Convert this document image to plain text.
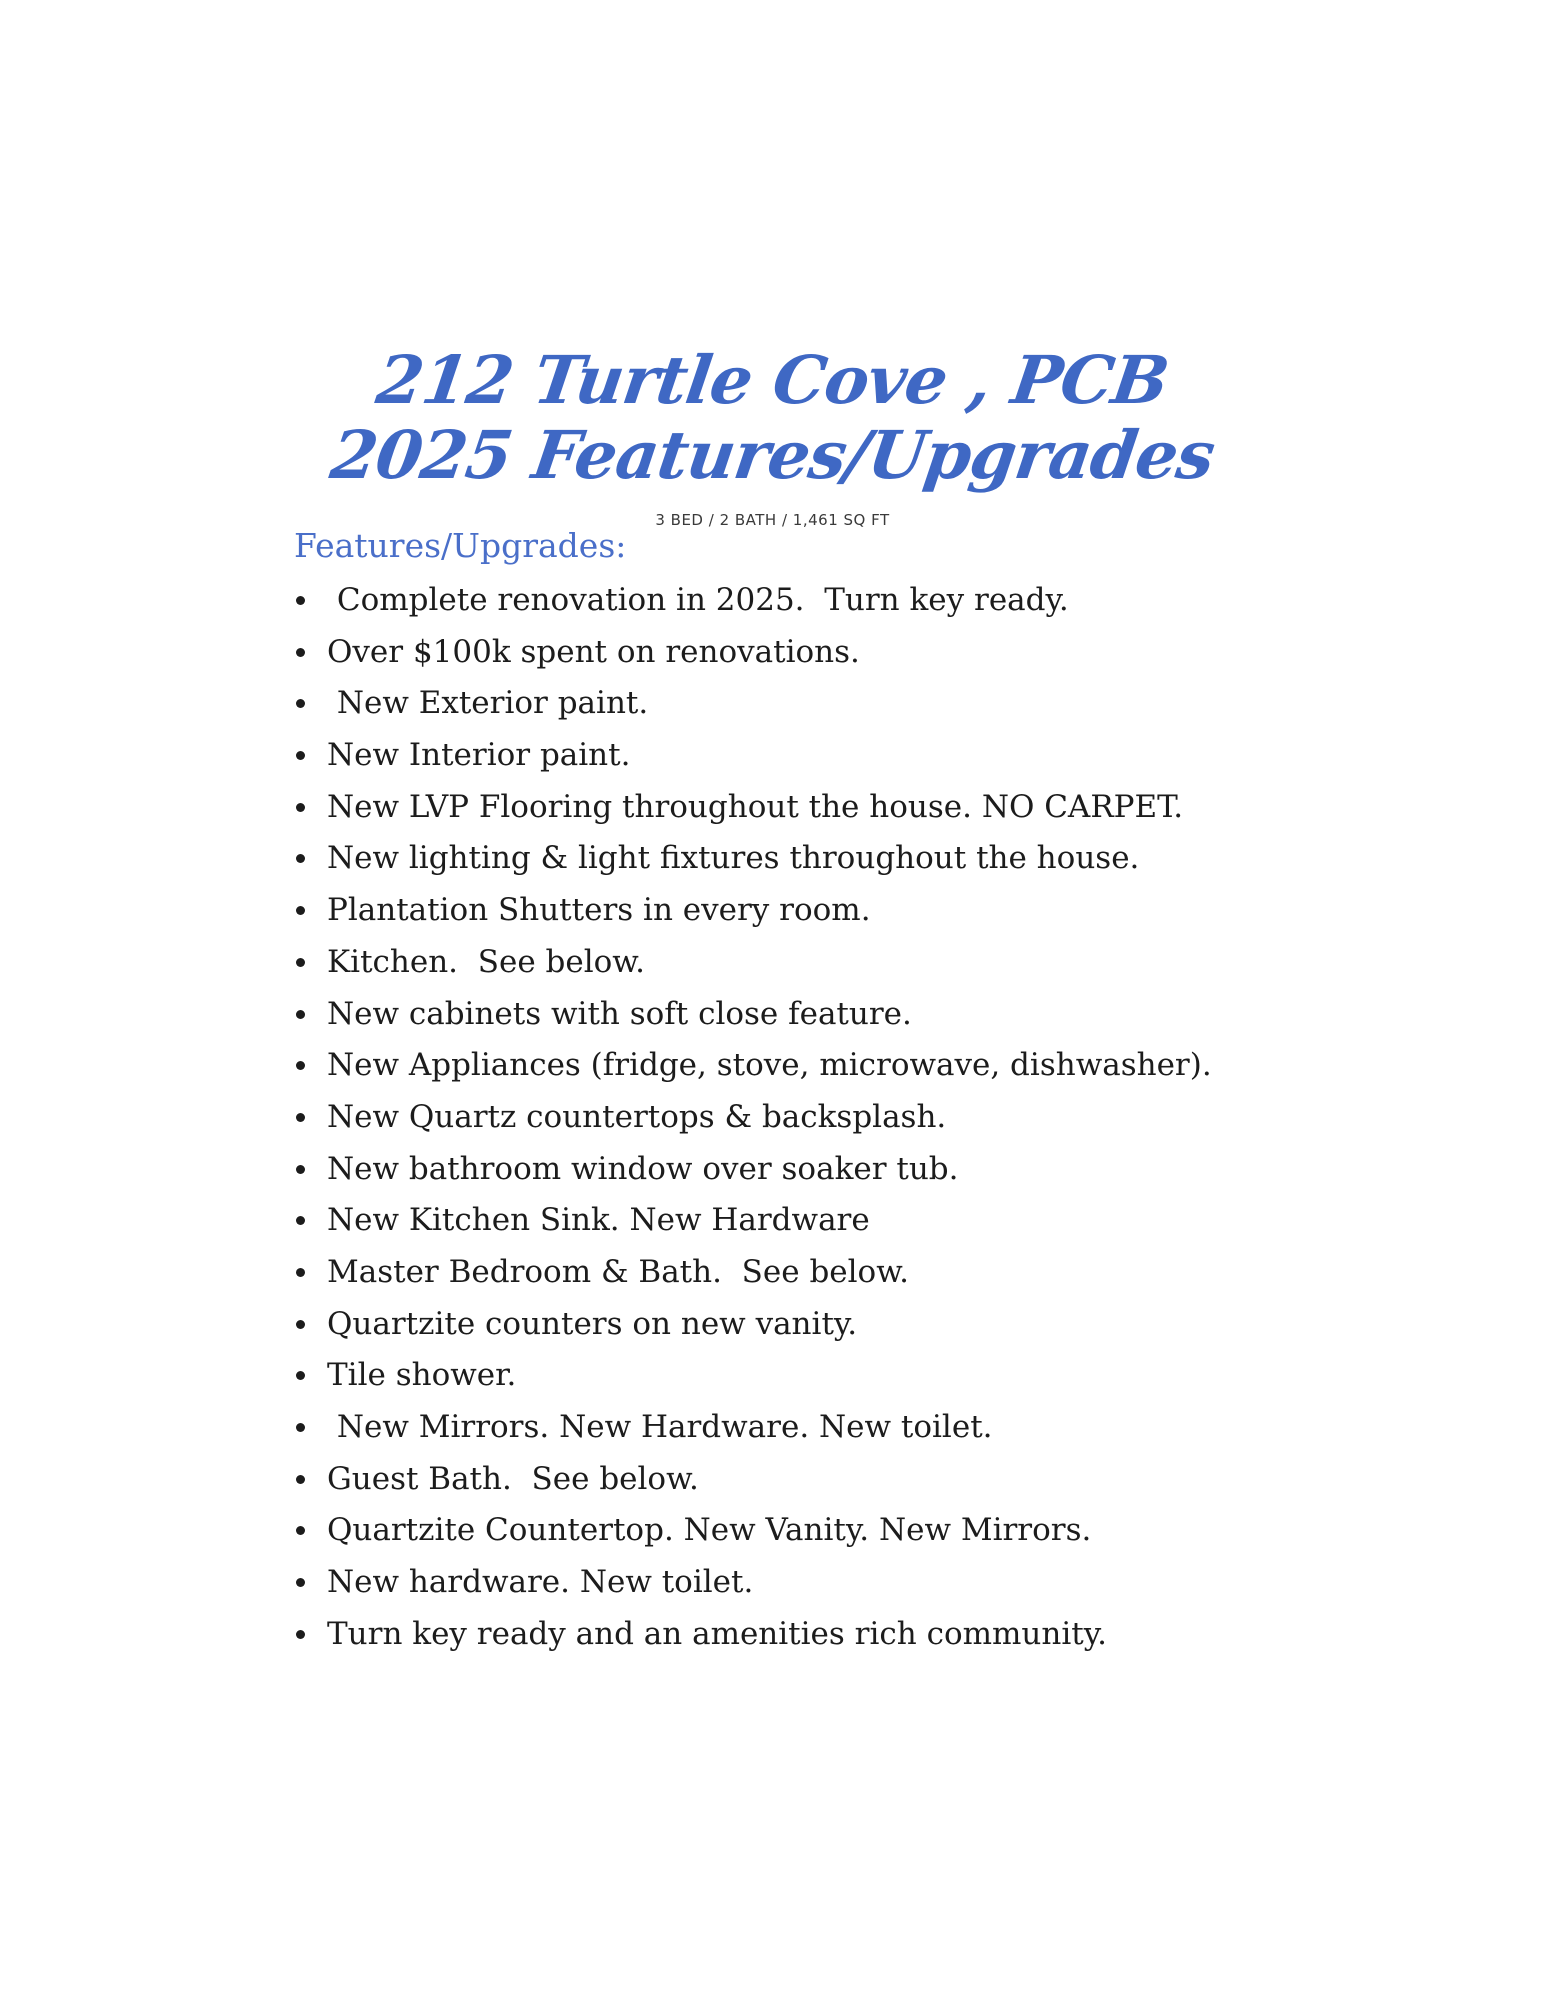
212 Turtle Cove , PCB
2025 Features/Upgrades
3 BED / 2 BATH / 1,461 SQ FT
Features/Upgrades:
Complete renovation in 2025.  Turn key ready.
Over $100k spent on renovations.
New Exterior paint.
New Interior paint.
New LVP Flooring throughout the house. NO CARPET.
New lighting & light fixtures throughout the house.
Plantation Shutters in every room.
Kitchen.  See below.
New cabinets with soft close feature.
New Appliances (fridge, stove, microwave, dishwasher).
New Quartz countertops & backsplash.
New bathroom window over soaker tub.
New Kitchen Sink. New Hardware
Master Bedroom & Bath.  See below.
Quartzite counters on new vanity.
Tile shower.
New Mirrors. New Hardware. New toilet.
Guest Bath.  See below.
Quartzite Countertop. New Vanity. New Mirrors.
New hardware. New toilet.
Turn key ready and an amenities rich community.
